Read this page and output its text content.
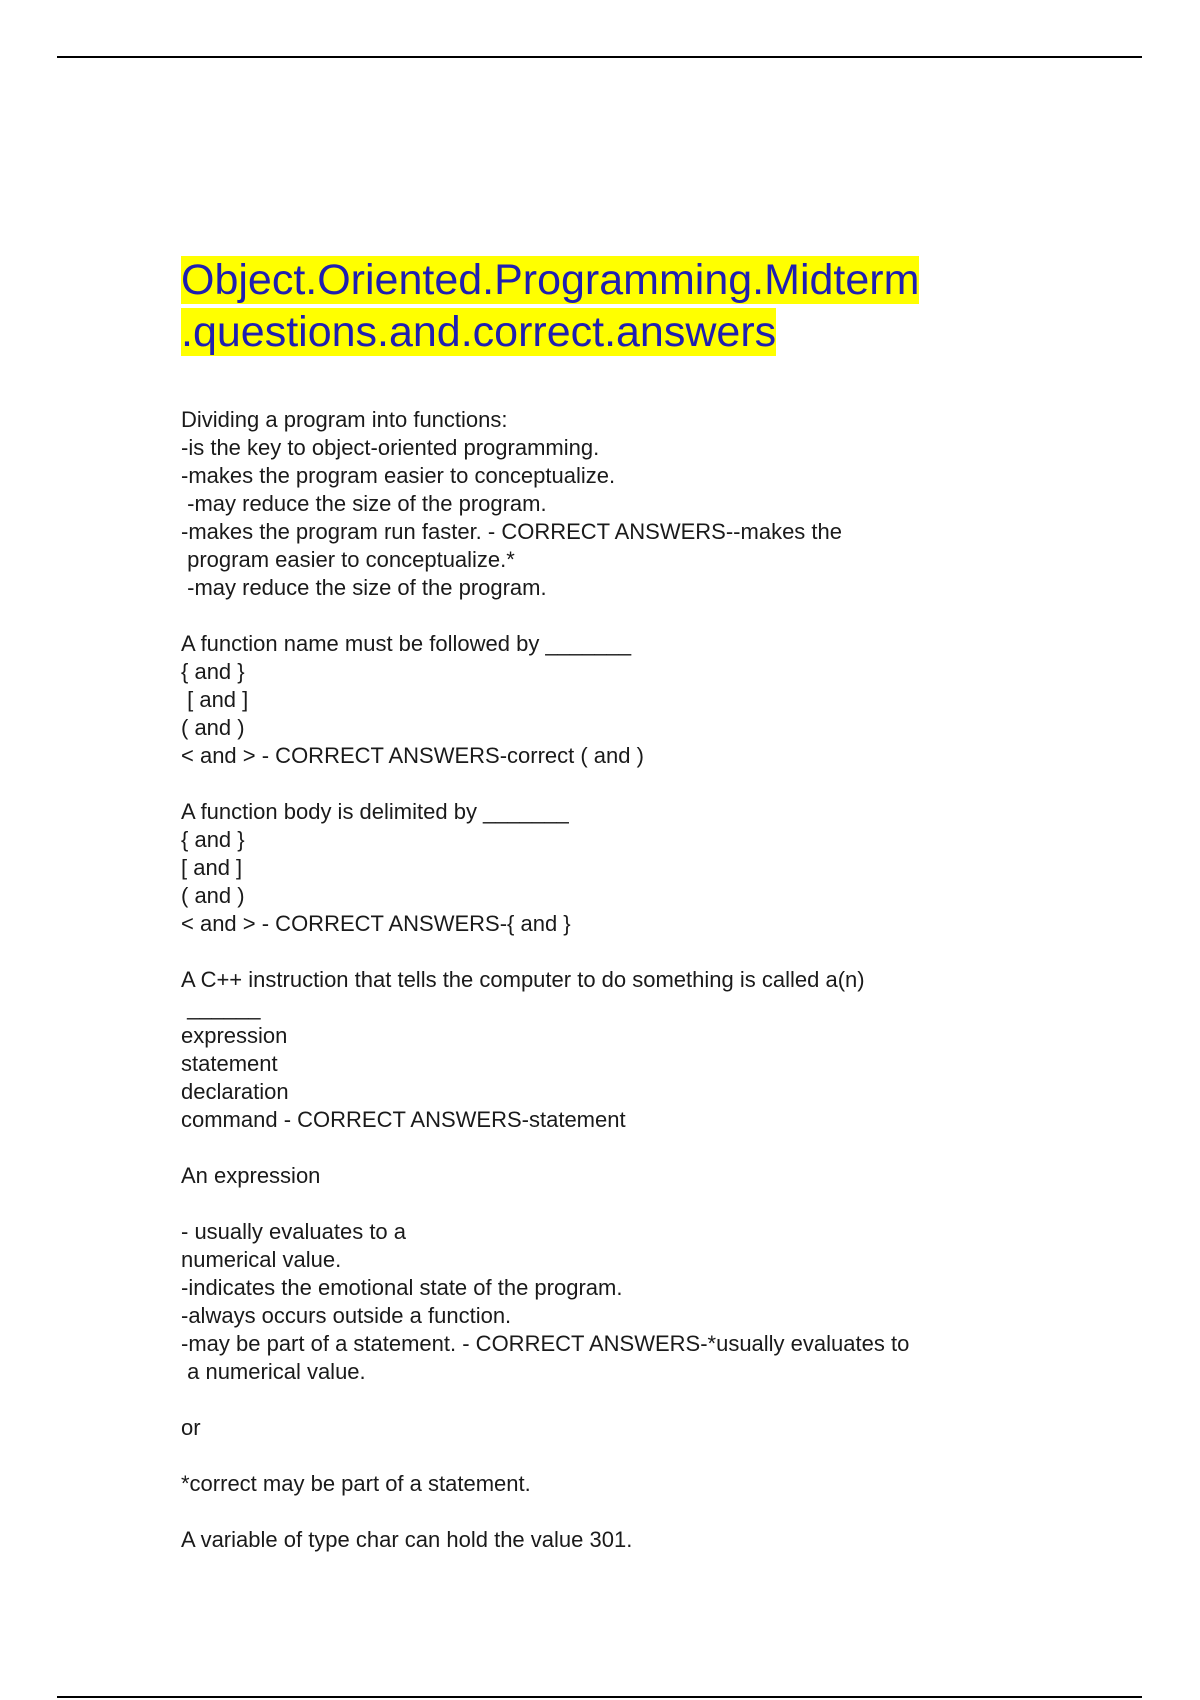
Object.Oriented.Programming.Midterm
.questions.and.correct.answers

Dividing a program into functions:

-is the key to object-oriented programming.

-makes the program easier to conceptualize.

-may reduce the size of the program.

-makes the program run faster. - CORRECT ANSWERS--makes the

program easier to conceptualize.*

-may reduce the size of the program.

A function name must be followed by _______

{ and }

[ and ]

( and )

< and > - CORRECT ANSWERS-correct ( and )

A function body is delimited by _______

{ and }

[ and ]

( and )

< and > - CORRECT ANSWERS-{ and }

A C++ instruction that tells the computer to do something is called a(n)

______

expression

statement

declaration

command - CORRECT ANSWERS-statement

An expression

- usually evaluates to a

numerical value.

-indicates the emotional state of the program.

-always occurs outside a function.

-may be part of a statement. - CORRECT ANSWERS-*usually evaluates to

a numerical value.

or

*correct may be part of a statement.

A variable of type char can hold the value 301.
